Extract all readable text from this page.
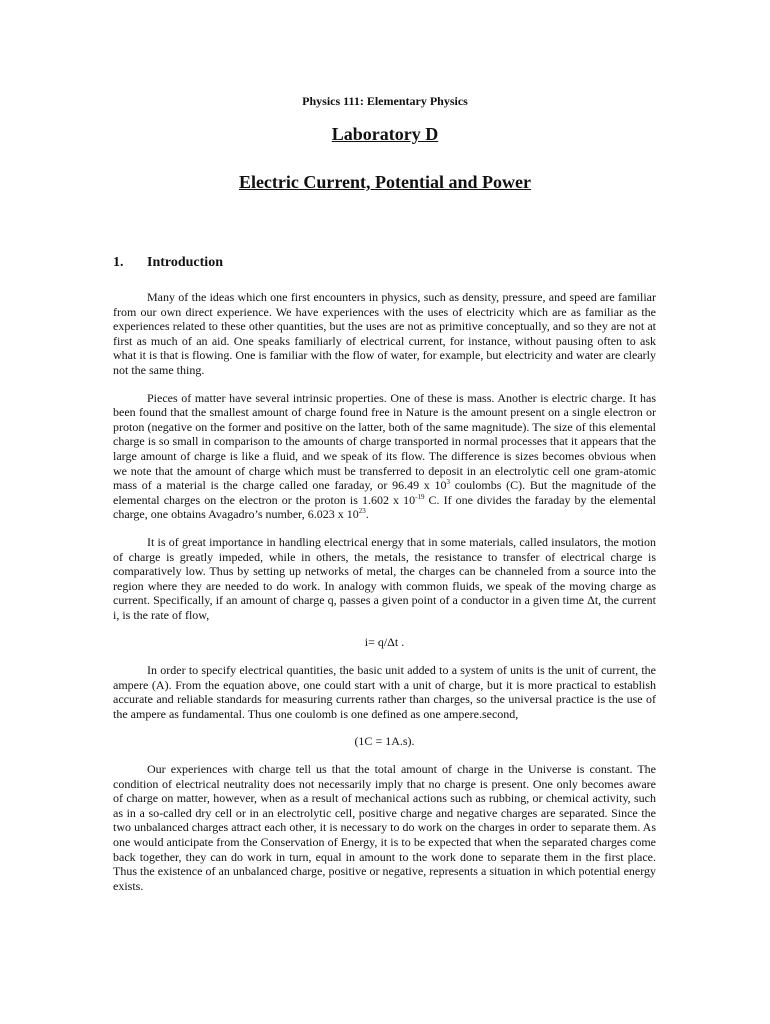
Physics 111: Elementary Physics
Laboratory D
Electric Current, Potential and Power
1. Introduction

Many of the ideas which one first encounters in physics, such as density, pressure, and speed are familiar from our own direct experience. We have experiences with the uses of electricity which are as familiar as the experiences related to these other quantities, but the uses are not as primitive conceptually, and so they are not at first as much of an aid. One speaks familiarly of electrical current, for instance, without pausing often to ask what it is that is flowing. One is familiar with the flow of water, for example, but electricity and water are clearly not the same thing.

Pieces of matter have several intrinsic properties. One of these is mass. Another is electric charge. It has been found that the smallest amount of charge found free in Nature is the amount present on a single electron or proton (negative on the former and positive on the latter, both of the same magnitude). The size of this elemental charge is so small in comparison to the amounts of charge transported in normal processes that it appears that the large amount of charge is like a fluid, and we speak of its flow. The difference is sizes becomes obvious when we note that the amount of charge which must be transferred to deposit in an electrolytic cell one gram-atomic mass of a material is the charge called one faraday, or 96.49 x $10^3$ coulombs (C). But the magnitude of the elemental charges on the electron or the proton is 1.602 x $10^{-19}$ C. If one divides the faraday by the elemental charge, one obtains Avagadro’s number, 6.023 x $10^{23}$.

It is of great importance in handling electrical energy that in some materials, called insulators, the motion of charge is greatly impeded, while in others, the metals, the resistance to transfer of electrical charge is comparatively low. Thus by setting up networks of metal, the charges can be channeled from a source into the region where they are needed to do work. In analogy with common fluids, we speak of the moving charge as current. Specifically, if an amount of charge q, passes a given point of a conductor in a given time Δt, the current i, is the rate of flow,

i= q/Δt .

In order to specify electrical quantities, the basic unit added to a system of units is the unit of current, the ampere (A). From the equation above, one could start with a unit of charge, but it is more practical to establish accurate and reliable standards for measuring currents rather than charges, so the universal practice is the use of the ampere as fundamental. Thus one coulomb is one defined as one ampere.second,

(1C = 1A.s).

Our experiences with charge tell us that the total amount of charge in the Universe is constant. The condition of electrical neutrality does not necessarily imply that no charge is present. One only becomes aware of charge on matter, however, when as a result of mechanical actions such as rubbing, or chemical activity, such as in a so-called dry cell or in an electrolytic cell, positive charge and negative charges are separated. Since the two unbalanced charges attract each other, it is necessary to do work on the charges in order to separate them. As one would anticipate from the Conservation of Energy, it is to be expected that when the separated charges come back together, they can do work in turn, equal in amount to the work done to separate them in the first place. Thus the existence of an unbalanced charge, positive or negative, represents a situation in which potential energy exists.
